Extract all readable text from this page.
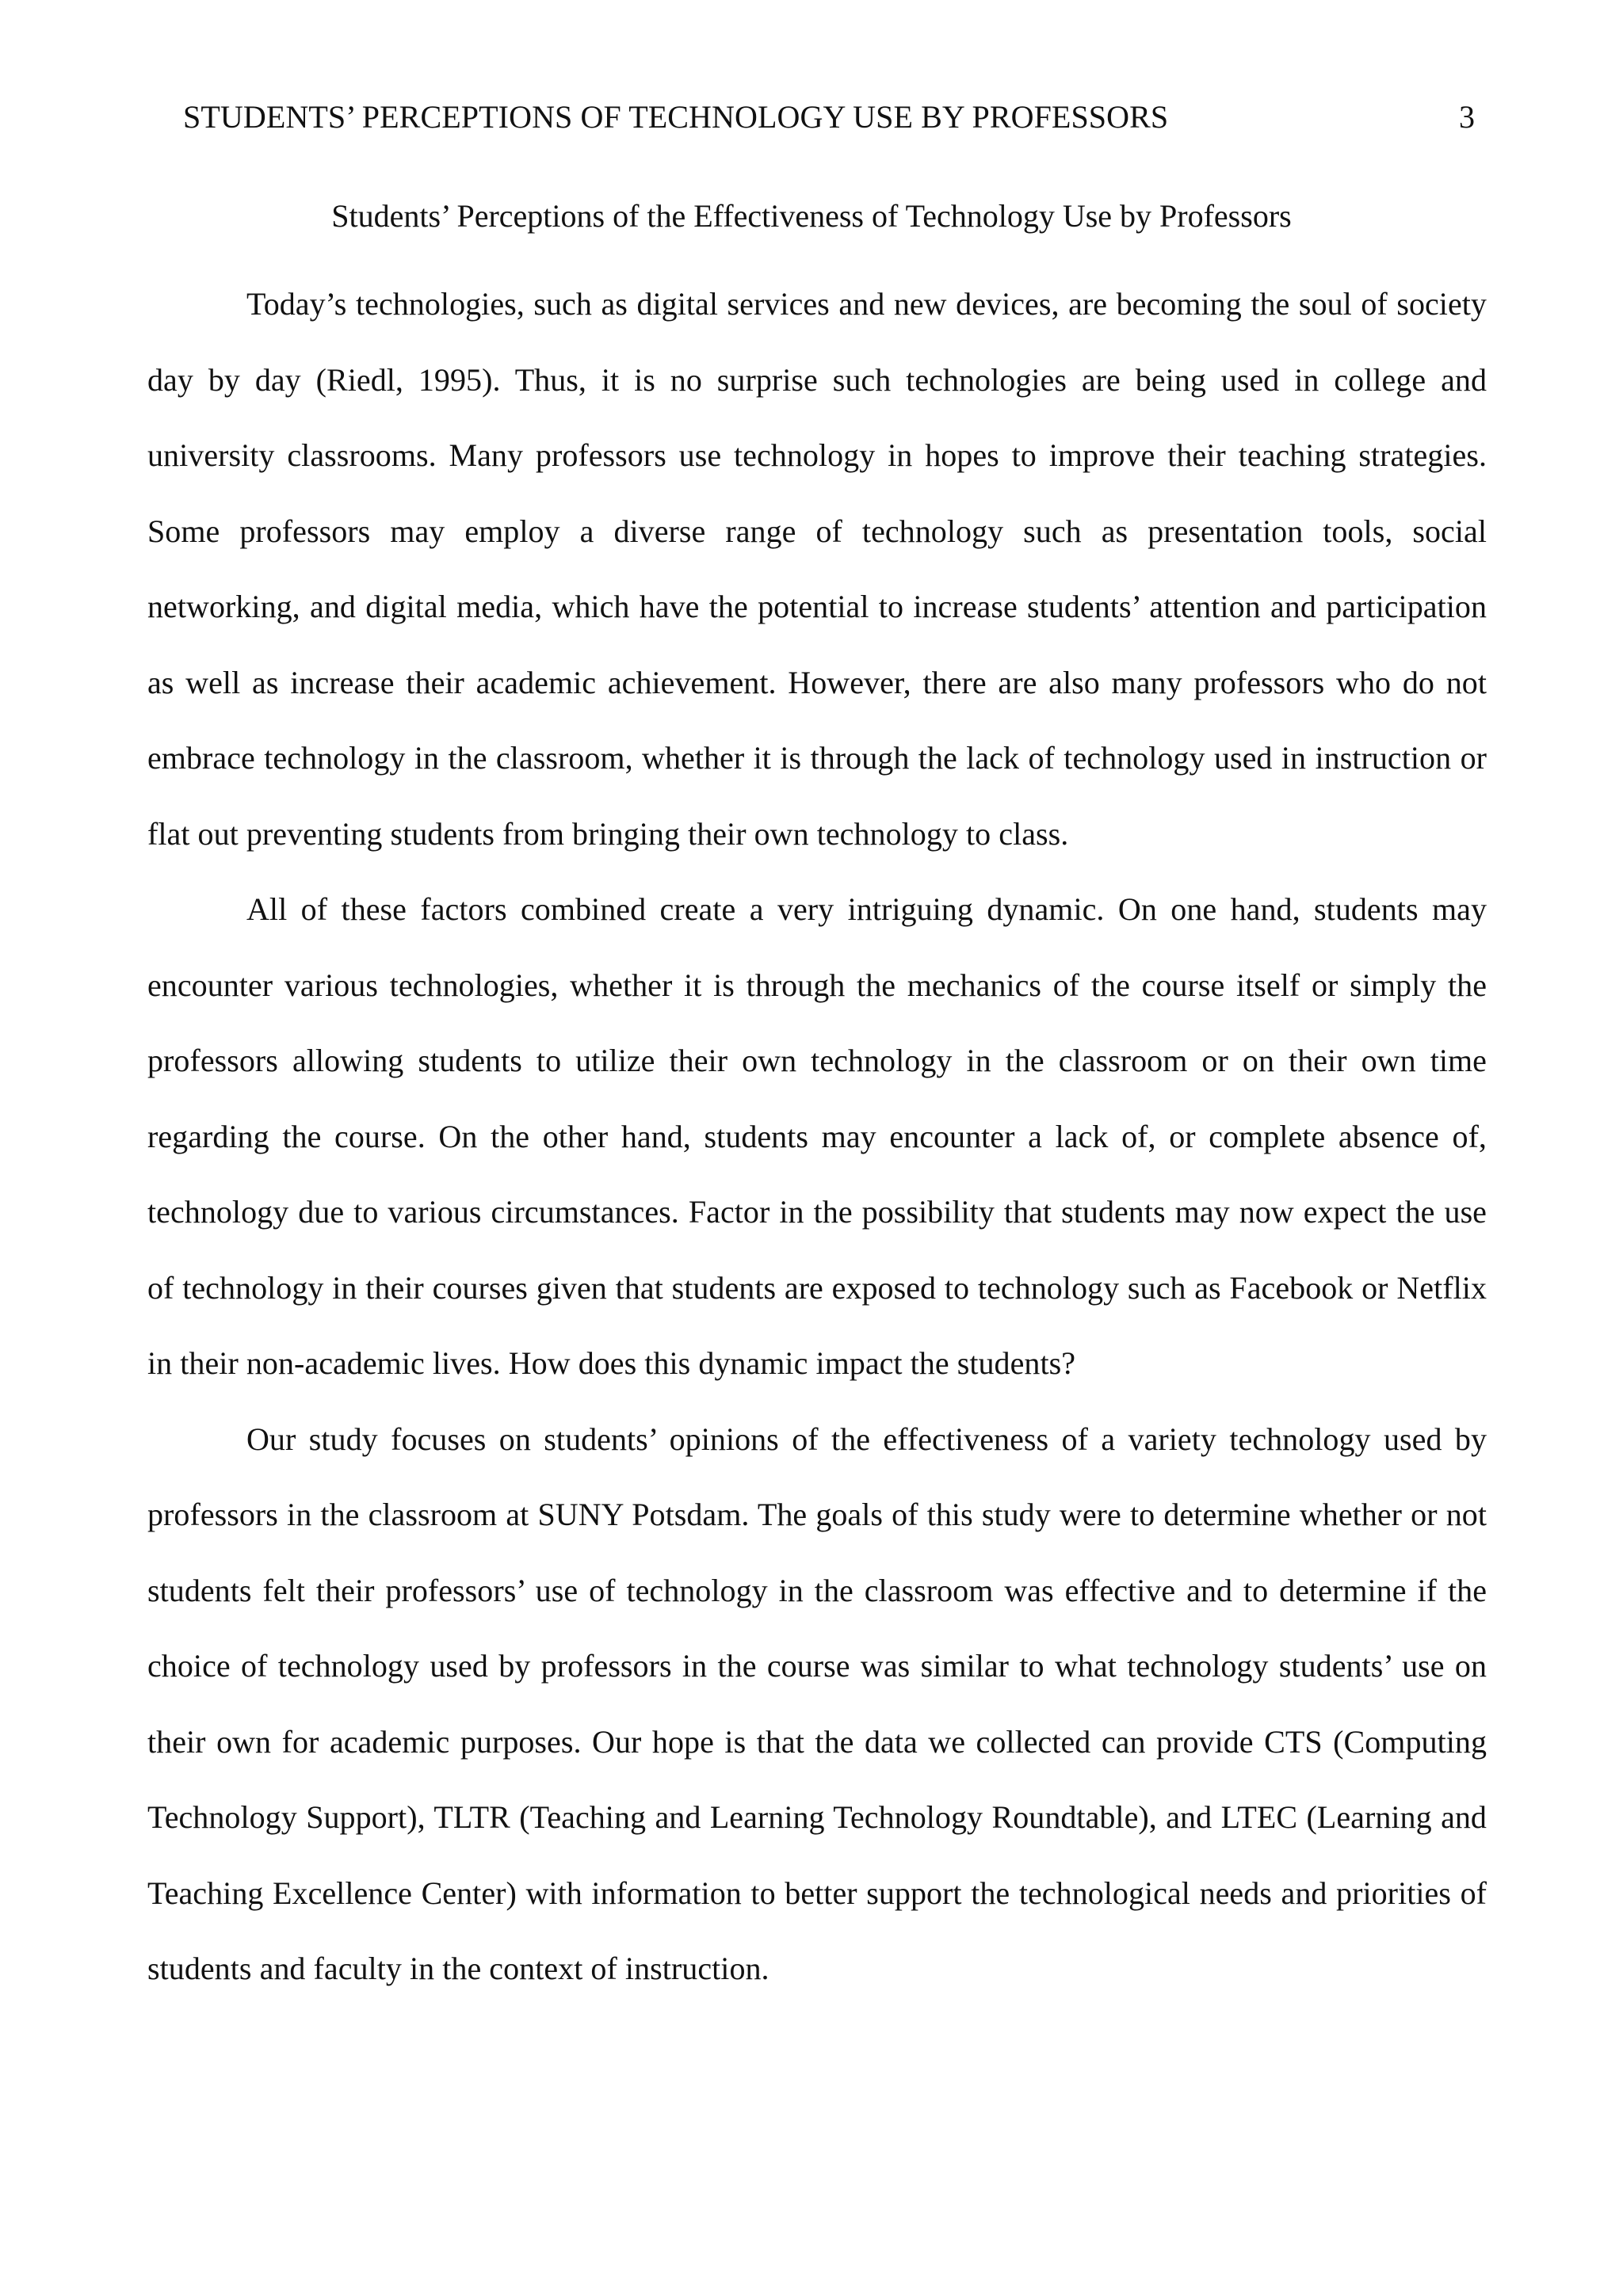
STUDENTS’ PERCEPTIONS OF TECHNOLOGY USE BY PROFESSORS	3
Students’ Perceptions of the Effectiveness of Technology Use by Professors

Today’s technologies, such as digital services and new devices, are becoming the soul of society day by day (Riedl, 1995). Thus, it is no surprise such technologies are being used in college and university classrooms. Many professors use technology in hopes to improve their teaching strategies. Some professors may employ a diverse range of technology such as presentation tools, social networking, and digital media, which have the potential to increase students’ attention and participation as well as increase their academic achievement. However, there are also many professors who do not embrace technology in the classroom, whether it is through the lack of technology used in instruction or flat out preventing students from bringing their own technology to class.

All of these factors combined create a very intriguing dynamic. On one hand, students may encounter various technologies, whether it is through the mechanics of the course itself or simply the professors allowing students to utilize their own technology in the classroom or on their own time regarding the course. On the other hand, students may encounter a lack of, or complete absence of, technology due to various circumstances. Factor in the possibility that students may now expect the use of technology in their courses given that students are exposed to technology such as Facebook or Netflix in their non-academic lives. How does this dynamic impact the students?

Our study focuses on students’ opinions of the effectiveness of a variety technology used by professors in the classroom at SUNY Potsdam. The goals of this study were to determine whether or not students felt their professors’ use of technology in the classroom was effective and to determine if the choice of technology used by professors in the course was similar to what technology students’ use on their own for academic purposes. Our hope is that the data we collected can provide CTS (Computing Technology Support), TLTR (Teaching and Learning Technology Roundtable), and LTEC (Learning and Teaching Excellence Center) with information to better support the technological needs and priorities of students and faculty in the context of instruction.
